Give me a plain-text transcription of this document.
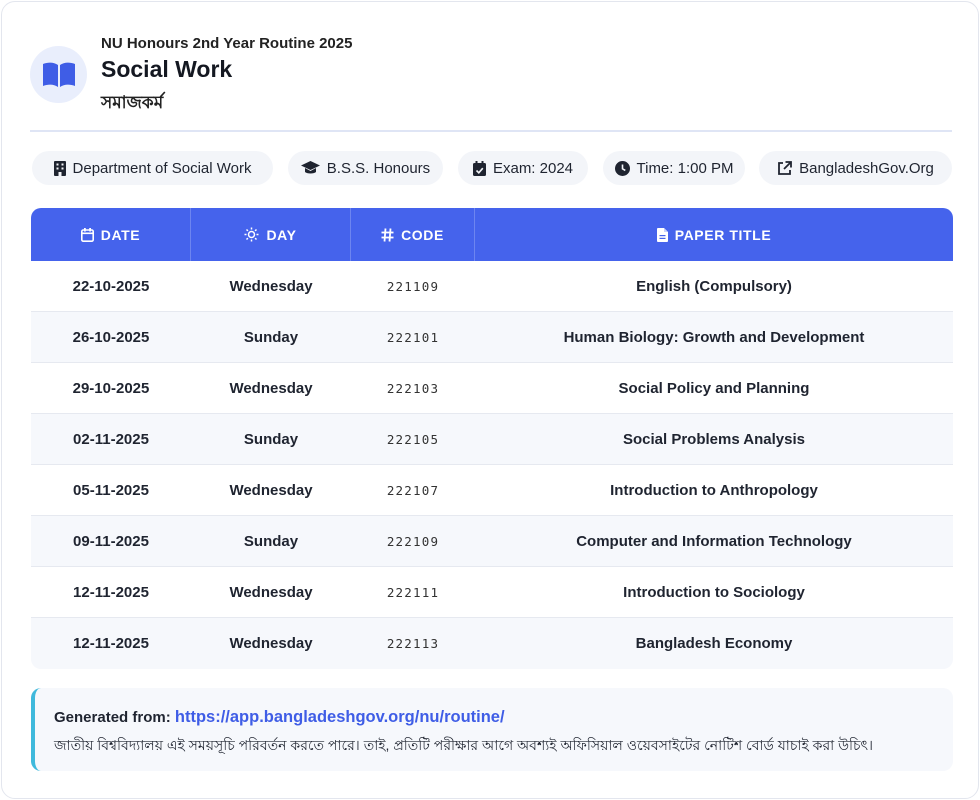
NU Honours 2nd Year Routine 2025
Social Work
সমাজকর্ম
Department of Social Work	B.S.S. Honours	Exam: 2024	Time: 1:00 PM	BangladeshGov.Org
DATE	DAY	CODE	PAPER TITLE
22-10-2025	Wednesday	221109	English (Compulsory)
26-10-2025	Sunday	222101	Human Biology: Growth and Development
29-10-2025	Wednesday	222103	Social Policy and Planning
02-11-2025	Sunday	222105	Social Problems Analysis
05-11-2025	Wednesday	222107	Introduction to Anthropology
09-11-2025	Sunday	222109	Computer and Information Technology
12-11-2025	Wednesday	222111	Introduction to Sociology
12-11-2025	Wednesday	222113	Bangladesh Economy
Generated from: https://app.bangladeshgov.org/nu/routine/
জাতীয় বিশ্ববিদ্যালয় এই সময়সূচি পরিবর্তন করতে পারে। তাই, প্রতিটি পরীক্ষার আগে অবশ্যই অফিসিয়াল ওয়েবসাইটের নোটিশ বোর্ড যাচাই করা উচিৎ।
